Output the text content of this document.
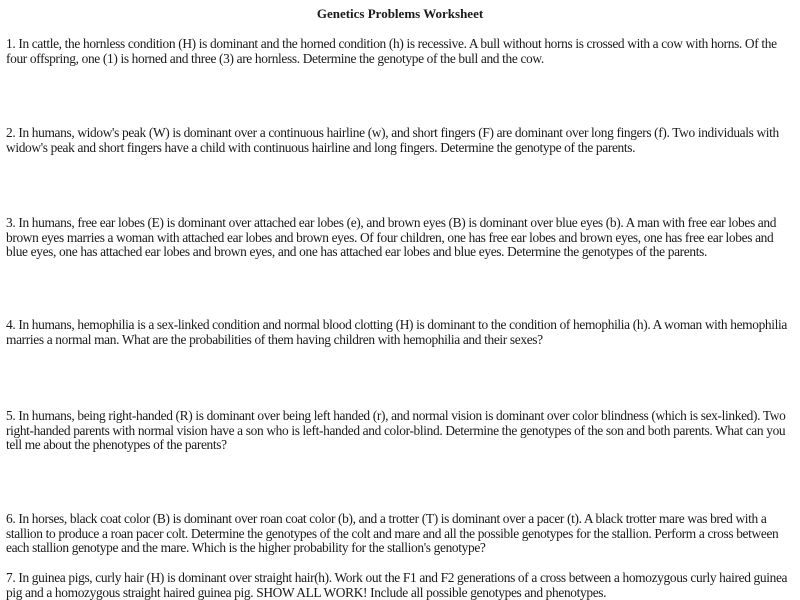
Genetics Problems Worksheet
1. In cattle, the hornless condition (H) is dominant and the horned condition (h) is recessive. A bull without horns is crossed with a cow with horns. Of the
four offspring, one (1) is horned and three (3) are hornless. Determine the genotype of the bull and the cow.
2. In humans, widow's peak (W) is dominant over a continuous hairline (w), and short fingers (F) are dominant over long fingers (f). Two individuals with
widow's peak and short fingers have a child with continuous hairline and long fingers. Determine the genotype of the parents.
3. In humans, free ear lobes (E) is dominant over attached ear lobes (e), and brown eyes (B) is dominant over blue eyes (b). A man with free ear lobes and
brown eyes marries a woman with attached ear lobes and brown eyes. Of four children, one has free ear lobes and brown eyes, one has free ear lobes and
blue eyes, one has attached ear lobes and brown eyes, and one has attached ear lobes and blue eyes. Determine the genotypes of the parents.
4. In humans, hemophilia is a sex-linked condition and normal blood clotting (H) is dominant to the condition of hemophilia (h). A woman with hemophilia
marries a normal man. What are the probabilities of them having children with hemophilia and their sexes?
5. In humans, being right-handed (R) is dominant over being left handed (r), and normal vision is dominant over color blindness (which is sex-linked). Two
right-handed parents with normal vision have a son who is left-handed and color-blind. Determine the genotypes of the son and both parents. What can you
tell me about the phenotypes of the parents?
6. In horses, black coat color (B) is dominant over roan coat color (b), and a trotter (T) is dominant over a pacer (t). A black trotter mare was bred with a
stallion to produce a roan pacer colt. Determine the genotypes of the colt and mare and all the possible genotypes for the stallion. Perform a cross between
each stallion genotype and the mare. Which is the higher probability for the stallion's genotype?
7. In guinea pigs, curly hair (H) is dominant over straight hair(h). Work out the F1 and F2 generations of a cross between a homozygous curly haired guinea
pig and a homozygous straight haired guinea pig. SHOW ALL WORK! Include all possible genotypes and phenotypes.
